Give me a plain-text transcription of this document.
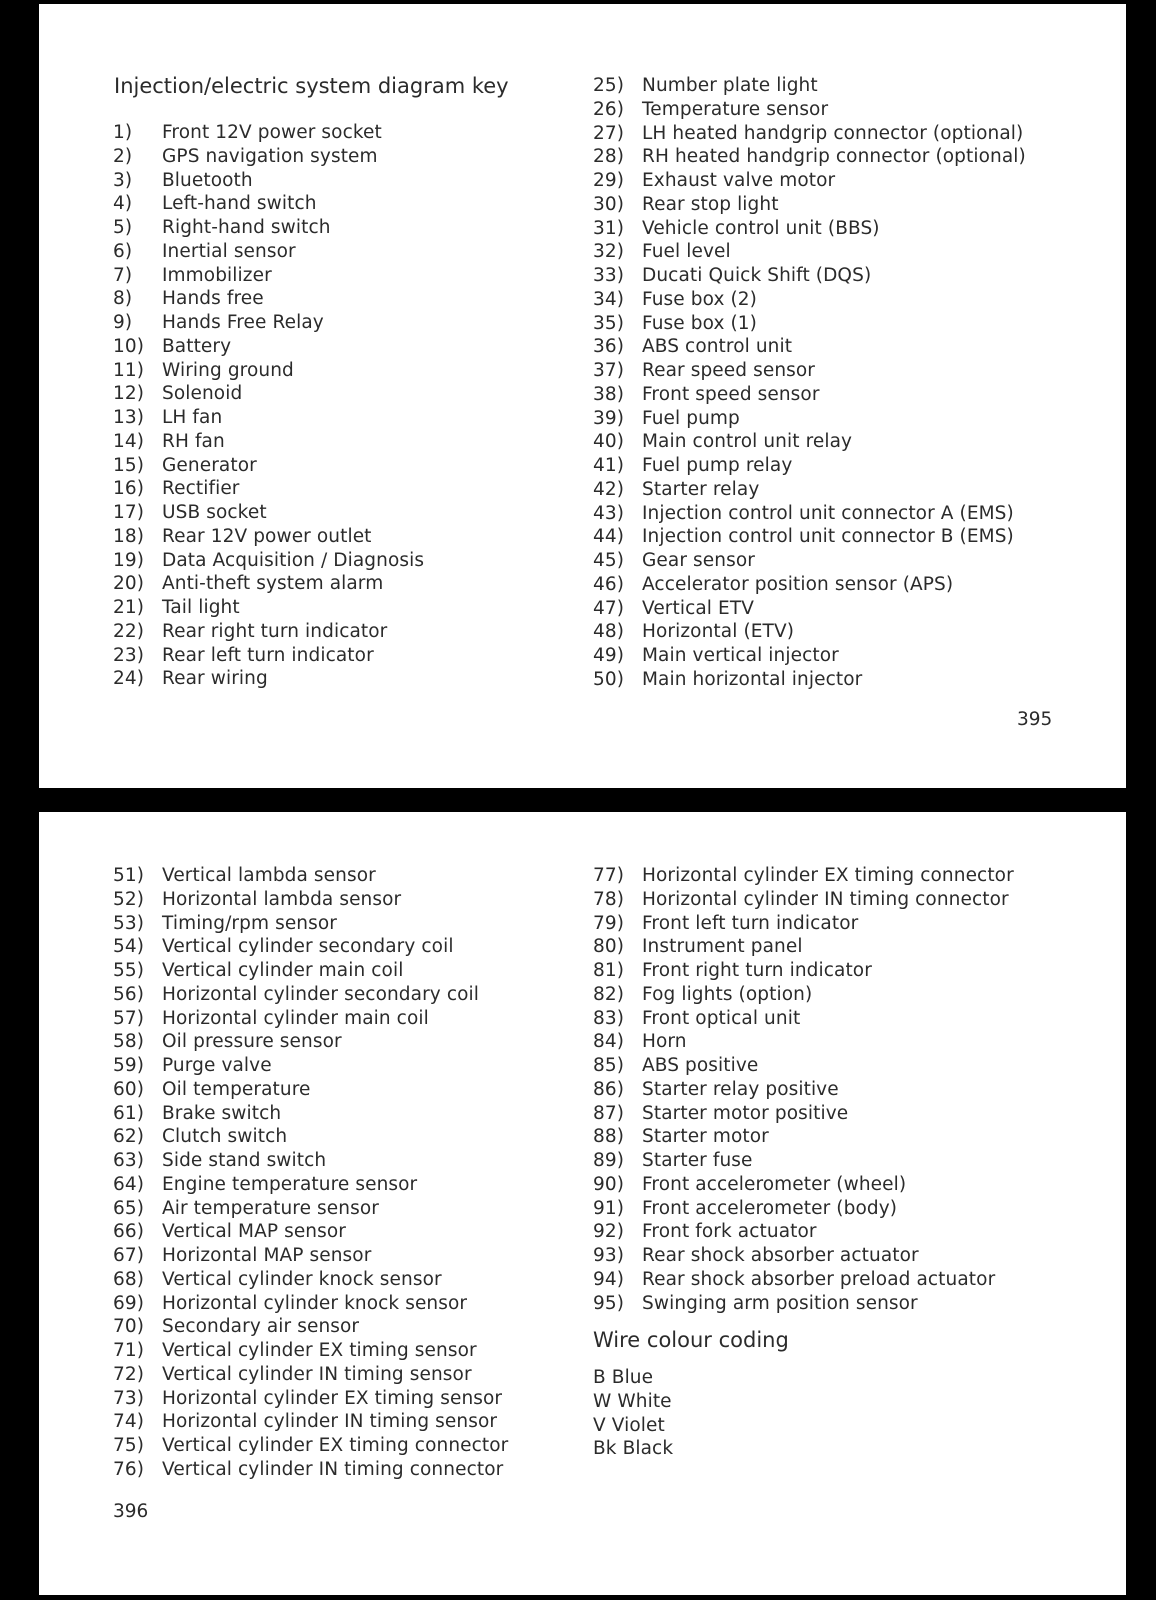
Injection/electric system diagram key
1)	Front 12V power socket
2)	GPS navigation system
3)	Bluetooth
4)	Left-hand switch
5)	Right-hand switch
6)	Inertial sensor
7)	Immobilizer
8)	Hands free
9)	Hands Free Relay
10) Battery
11) Wiring ground
12) Solenoid
13) LH fan
14) RH fan
15) Generator
16) Rectifier
17) USB socket
18) Rear 12V power outlet
19) Data Acquisition / Diagnosis
20) Anti-theft system alarm
21) Tail light
22) Rear right turn indicator
23) Rear left turn indicator
24) Rear wiring
25) Number plate light
26) Temperature sensor
27) LH heated handgrip connector (optional)
28) RH heated handgrip connector (optional)
29) Exhaust valve motor
30) Rear stop light
31) Vehicle control unit (BBS)
32) Fuel level
33) Ducati Quick Shift (DQS)
34) Fuse box (2)
35) Fuse box (1)
36) ABS control unit
37) Rear speed sensor
38) Front speed sensor
39) Fuel pump
40) Main control unit relay
41) Fuel pump relay
42) Starter relay
43) Injection control unit connector A (EMS)
44) Injection control unit connector B (EMS)
45) Gear sensor
46) Accelerator position sensor (APS)
47) Vertical ETV
48) Horizontal (ETV)
49) Main vertical injector
50) Main horizontal injector
395
51) Vertical lambda sensor
52) Horizontal lambda sensor
53) Timing/rpm sensor
54) Vertical cylinder secondary coil
55) Vertical cylinder main coil
56) Horizontal cylinder secondary coil
57) Horizontal cylinder main coil
58) Oil pressure sensor
59) Purge valve
60) Oil temperature
61) Brake switch
62) Clutch switch
63) Side stand switch
64) Engine temperature sensor
65) Air temperature sensor
66) Vertical MAP sensor
67) Horizontal MAP sensor
68) Vertical cylinder knock sensor
69) Horizontal cylinder knock sensor
70) Secondary air sensor
71) Vertical cylinder EX timing sensor
72) Vertical cylinder IN timing sensor
73) Horizontal cylinder EX timing sensor
74) Horizontal cylinder IN timing sensor
75) Vertical cylinder EX timing connector
76) Vertical cylinder IN timing connector
77) Horizontal cylinder EX timing connector
78) Horizontal cylinder IN timing connector
79) Front left turn indicator
80) Instrument panel
81) Front right turn indicator
82) Fog lights (option)
83) Front optical unit
84) Horn
85) ABS positive
86) Starter relay positive
87) Starter motor positive
88) Starter motor
89) Starter fuse
90) Front accelerometer (wheel)
91) Front accelerometer (body)
92) Front fork actuator
93) Rear shock absorber actuator
94) Rear shock absorber preload actuator
95) Swinging arm position sensor
Wire colour coding
B Blue
W White
V Violet
Bk Black
396
